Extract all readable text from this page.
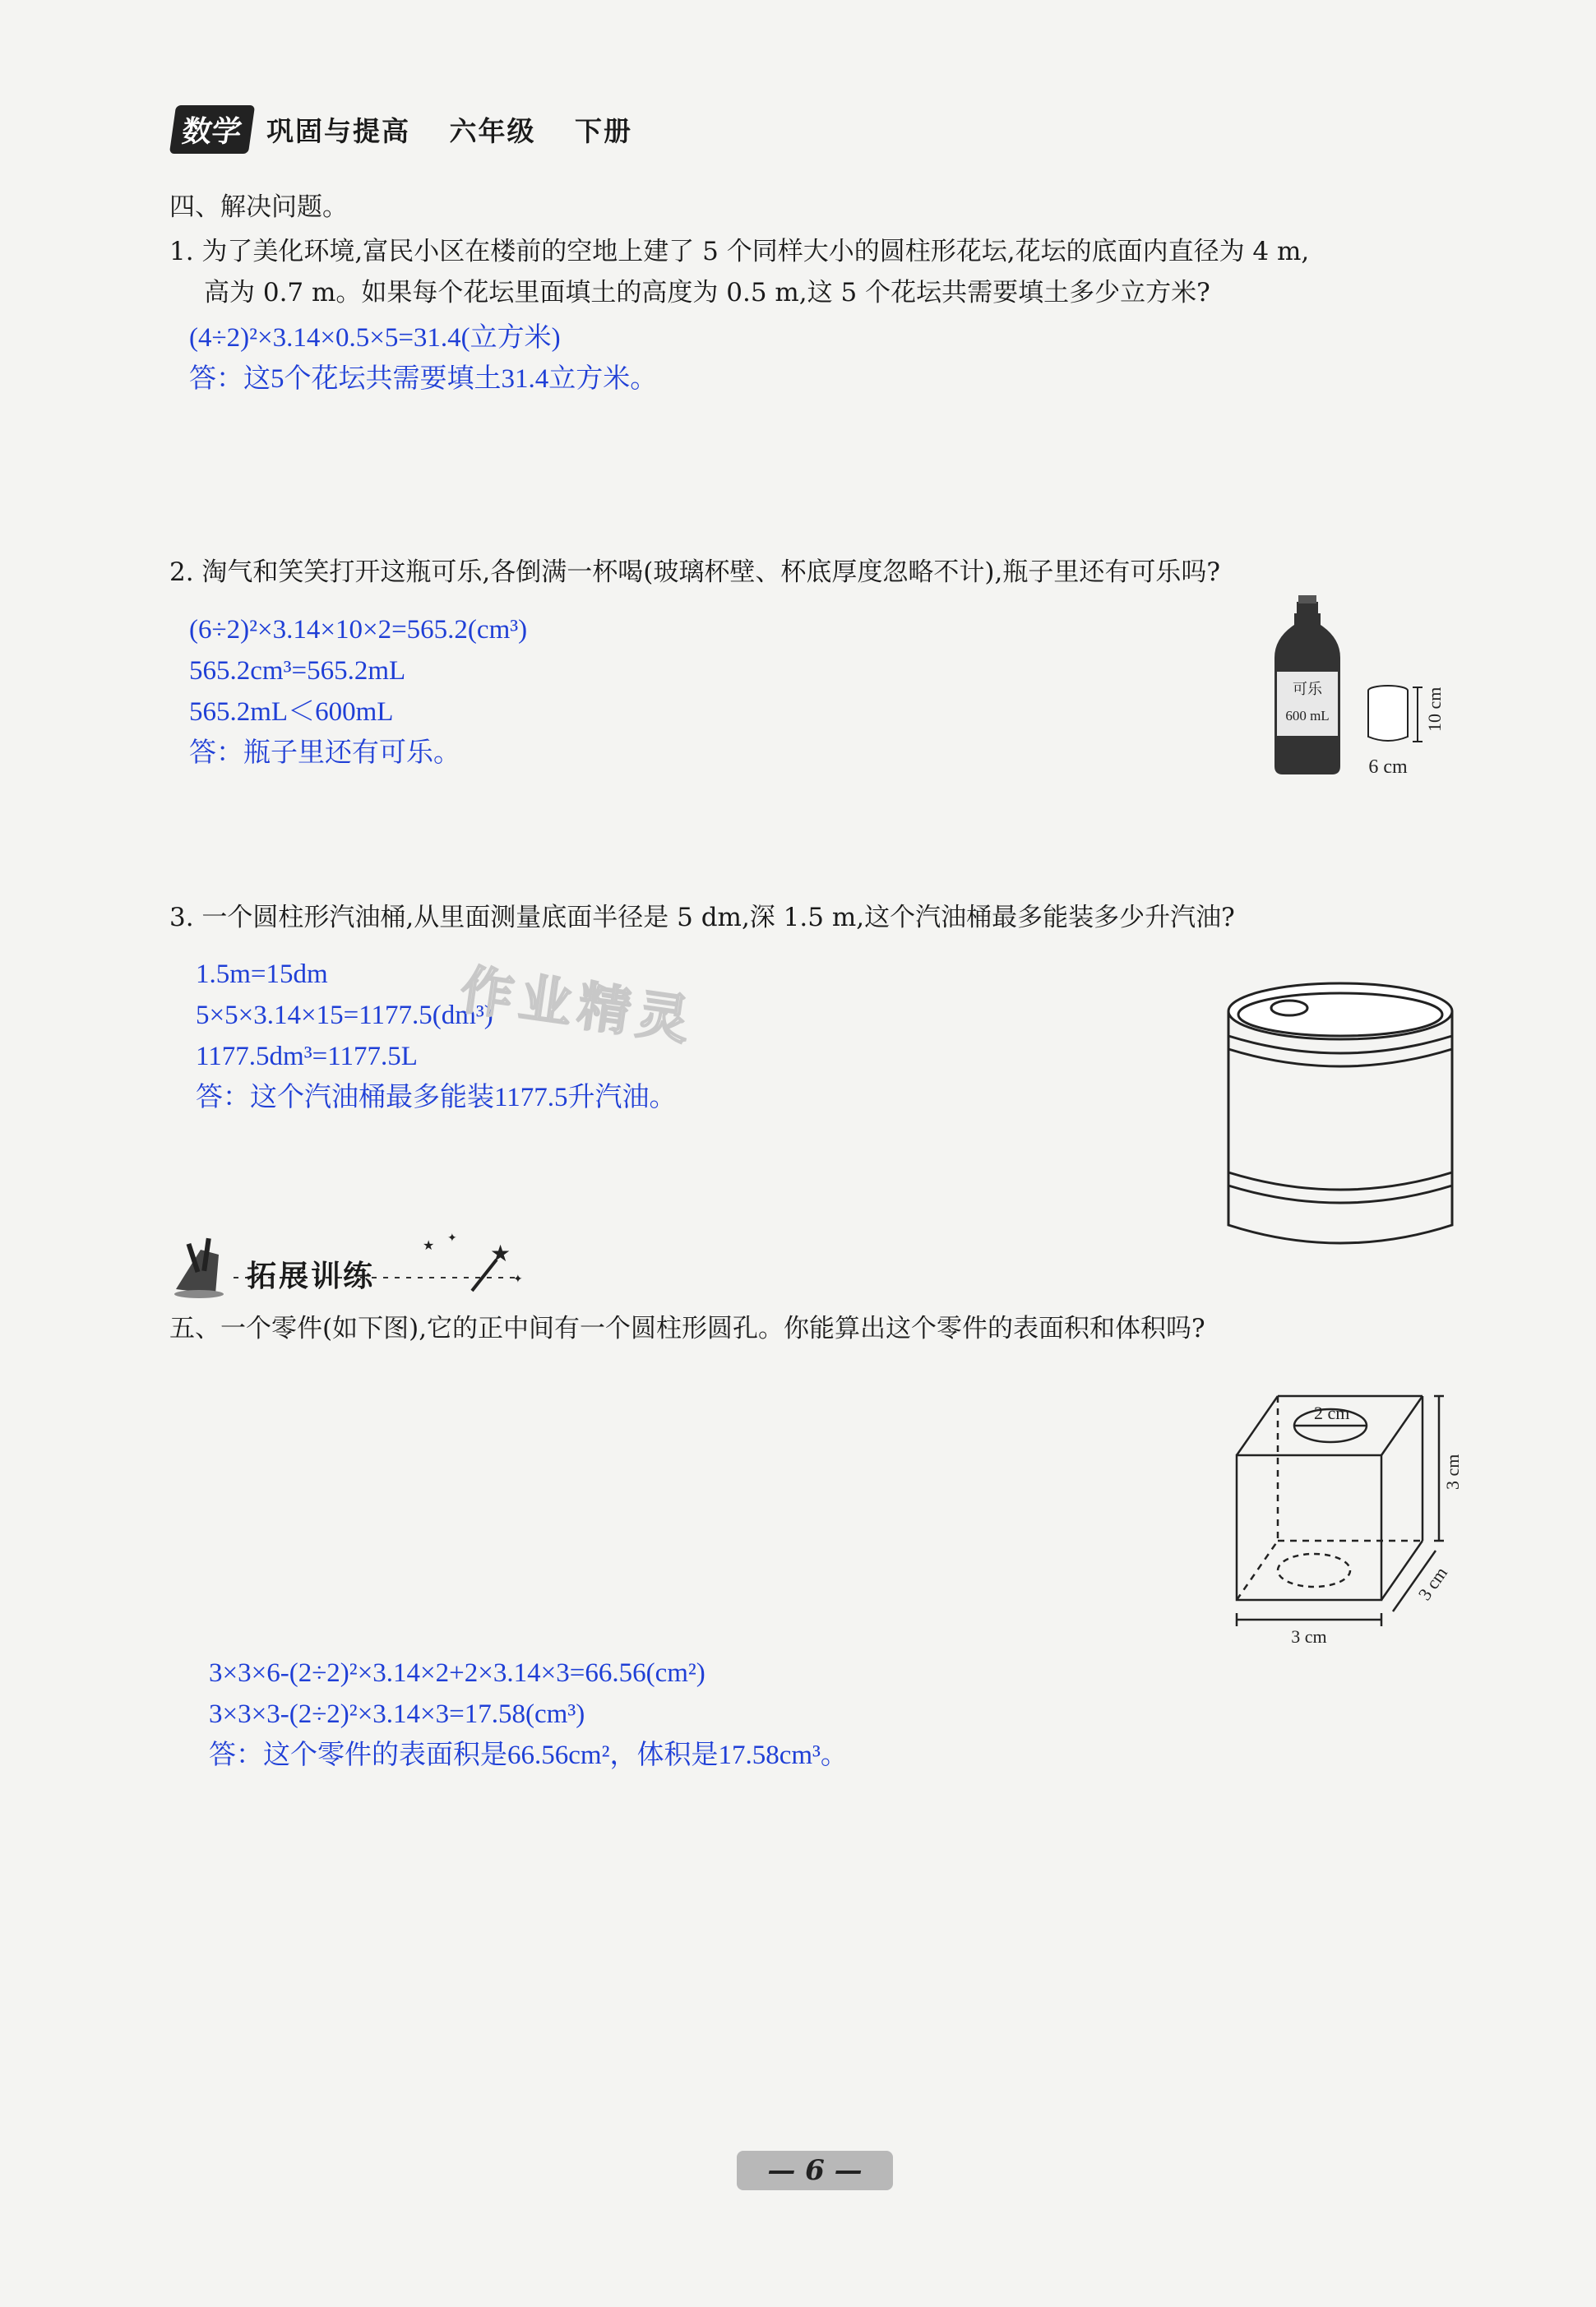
数学 巩固与提高 六年级 下册
四、解决问题。
1. 为了美化环境,富民小区在楼前的空地上建了 5 个同样大小的圆柱形花坛,花坛的底面内直径为 4 m,
高为 0.7 m。如果每个花坛里面填土的高度为 0.5 m,这 5 个花坛共需要填土多少立方米?
(4÷2)²×3.14×0.5×5=31.4(立方米)
答：这5个花坛共需要填土31.4立方米。
2. 淘气和笑笑打开这瓶可乐,各倒满一杯喝(玻璃杯壁、杯底厚度忽略不计),瓶子里还有可乐吗?
(6÷2)²×3.14×10×2=565.2(cm³)
565.2cm³=565.2mL
565.2mL＜600mL
答：瓶子里还有可乐。
可乐
600 mL	10 cm
6 cm
3. 一个圆柱形汽油桶,从里面测量底面半径是 5 dm,深 1.5 m,这个汽油桶最多能装多少升汽油?
1.5m=15dm
5×5×3.14×15=1177.5(dm³)
1177.5dm³=1177.5L
答：这个汽油桶最多能装1177.5升汽油。
作业精灵
★
★
✦
✦
拓展训练
五、一个零件(如下图),它的正中间有一个圆柱形圆孔。你能算出这个零件的表面积和体积吗?
2 cm
3 cm
3 cm
3 cm
3×3×6-(2÷2)²×3.14×2+2×3.14×3=66.56(cm²)
3×3×3-(2÷2)²×3.14×3=17.58(cm³)
答：这个零件的表面积是66.56cm²，体积是17.58cm³。
— 6 —
